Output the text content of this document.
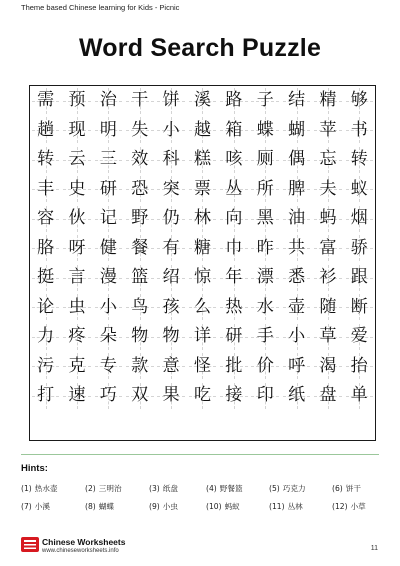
Theme based Chinese learning for Kids - Picnic
Word Search Puzzle
需 预 治 干 饼 溪 路 子 结 精 够
趟 现 明 失 小 越 箱 蝶 蝴 苹 书
转 云 三 效 科 糕 咳 厕 偶 忘 转
丰 史 研 恐 突 票 丛 所 脾 夫 蚁
容 伙 记 野 仍 林 向 黑 油 蚂 烟
胳 呀 健 餐 有 糖 巾 昨 共 富 骄
挺 言 漫 篮 绍 惊 年 漂 悉 衫 跟
论 虫 小 鸟 孩 么 热 水 壶 随 断
力 疼 朵 物 物 详 研 手 小 草 爱
污 克 专 款 意 怪 批 价 呼 渴 抬
打 速 巧 双 果 吃 接 印 纸 盘 单
Hints:
(1) 热水壶	(2) 三明治	(3) 纸盘	(4) 野餐篮	(5) 巧克力	(6) 饼干
(7) 小溪	(8) 蝴蝶	(9) 小虫	(10) 蚂蚁	(11) 丛林	(12) 小草
Chinese Worksheets
www.chineseworksheets.info	11
